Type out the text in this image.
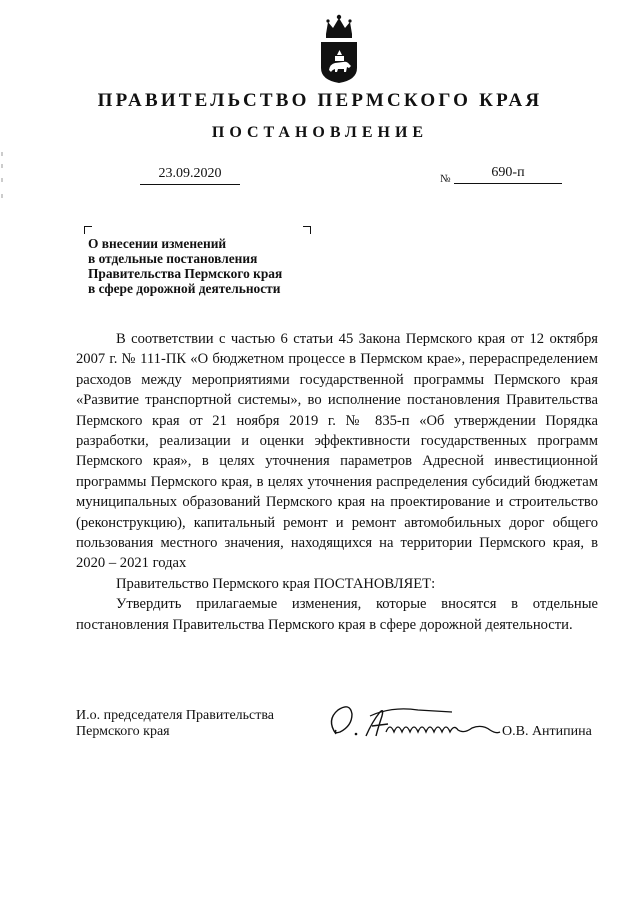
ПРАВИТЕЛЬСТВО ПЕРМСКОГО КРАЯ
ПОСТАНОВЛЕНИЕ
23.09.2020	№	690-п
О внесении изменений
в отдельные постановления
Правительства Пермского края
в сфере дорожной деятельности

В соответствии с частью 6 статьи 45 Закона Пермского края от 12 октября 2007 г. № 111-ПК «О бюджетном процессе в Пермском крае», перераспределением расходов между мероприятиями государственной программы Пермского края «Развитие транспортной системы», во исполнение постановления Правительства Пермского края от 21 ноября 2019 г. № 835-п «Об утверждении Порядка разработки, реализации и оценки эффективности государственных программ Пермского края», в целях уточнения параметров Адресной инвестиционной программы Пермского края, в целях уточнения распределения субсидий бюджетам муниципальных образований Пермского края на проектирование и строительство (реконструкцию), капитальный ремонт и ремонт автомобильных дорог общего пользования местного значения, находящихся на территории Пермского края, в 2020 – 2021 годах

Правительство Пермского края ПОСТАНОВЛЯЕТ:

Утвердить прилагаемые изменения, которые вносятся в отдельные постановления Правительства Пермского края в сфере дорожной деятельности.

И.о. председателя Правительства
Пермского края	О.В. Антипина
